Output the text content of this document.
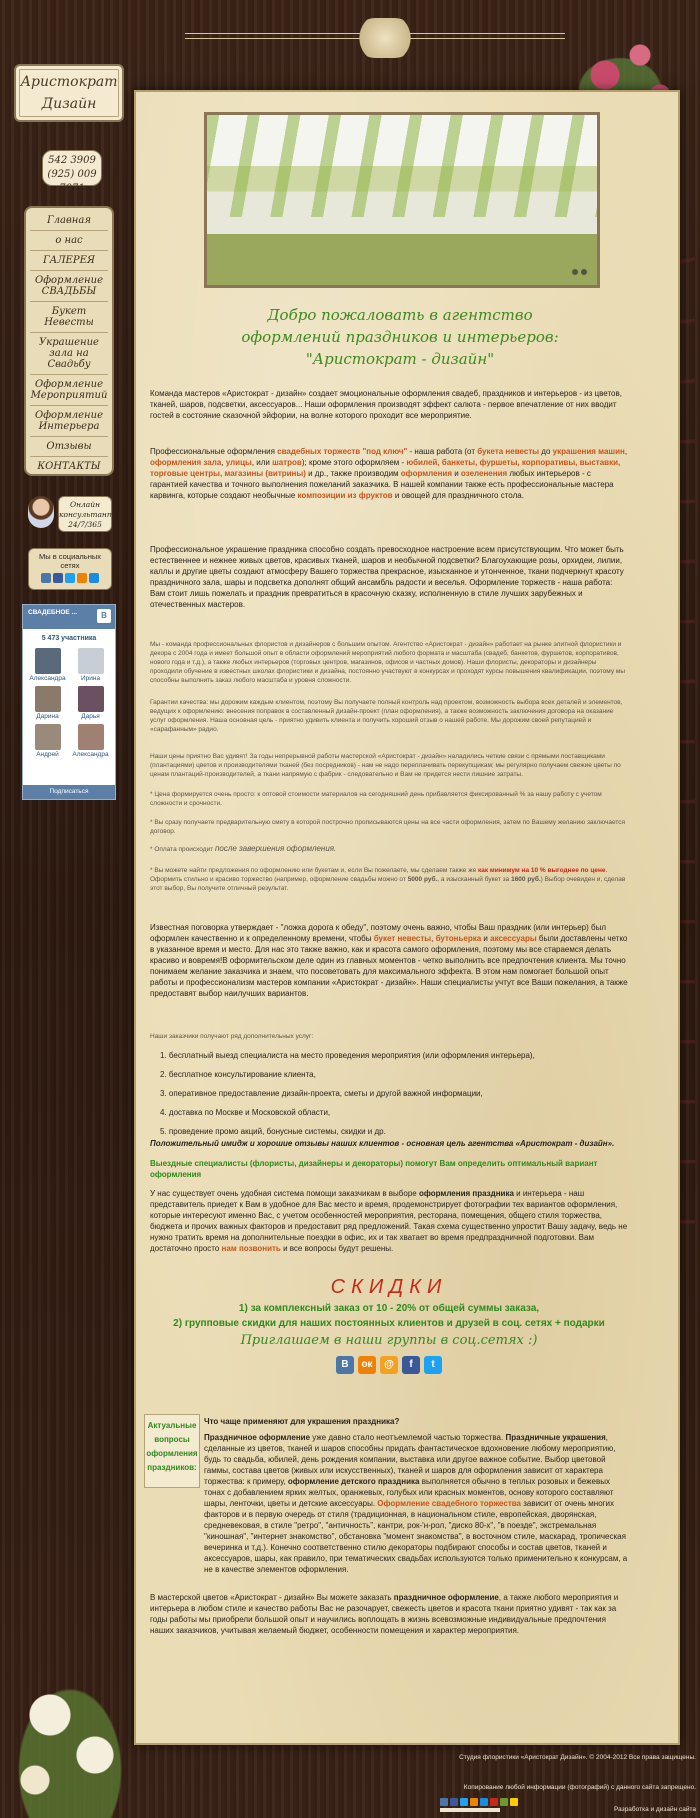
Аристократ
Дизайн
542 3909
(925) 009 7071
Главная
о нас
ГАЛЕРЕЯ
Оформление СВАДЬБЫ
Букет Невесты
Украшение зала на Свадьбу
Оформление Мероприятий
Оформление Интерьера
Отзывы
КОНТАКТЫ
Онлайн
консультант
24/7/365
Мы в социальных сетях
СВАДЕБНОЕ ...	B
5 473 участника
Александра	Ирина
Дарина	Дарья
Андрей	Александра
Подписаться
Добро пожаловать в агентство оформлений праздников и интерьеров: "Аристократ - дизайн"
Команда мастеров «Аристократ - дизайн» создает эмоциональные оформления свадеб, праздников и интерьеров - из цветов, тканей, шаров, подсветки, аксессуаров... Наши оформления производят эффект салюта - первое впечатление от них вводит гостей в состояние сказочной эйфории, на волне которого проходит все мероприятие.
Профессиональные оформления свадебных торжеств "под ключ" - наша работа (от букета невесты до украшения машин, оформления зала, улицы, или шатров); кроме этого оформляем - юбилей, банкеты, фуршеты, корпоративы, выставки, торговые центры, магазины (витрины) и др., также производим оформления и озеленения любых интерьеров - с гарантией качества и точного выполнения пожеланий заказчика. В нашей компании также есть профессиональные мастера карвинга, которые создают необычные композиции из фруктов и овощей для праздничного стола.
Профессиональное украшение праздника способно создать превосходное настроение всем присутствующим. Что может быть естественнее и нежнее живых цветов, красивых тканей, шаров и необычной подсветки? Благоухающие розы, орхидеи, лилии, каллы и другие цветы создают атмосферу Вашего торжества прекрасное, изысканное и утонченное, ткани подчеркнут красоту праздничного зала, шары и подсветка дополнят общий ансамбль радости и веселья. Оформление торжеств - наша работа: Вам стоит лишь пожелать и праздник превратиться в красочную сказку, исполненную в стиле лучших зарубежных и отечественных мастеров.
Мы - команда профессиональных флористов и дизайнеров с большим опытом. Агентство «Аристократ - дизайн» работает на рынке элитной флористики и декора с 2004 года и имеет большой опыт в области оформлений мероприятий любого формата и масштаба (свадеб, банкетов, фуршетов, корпоративов, нового года и т.д.), а также любых интерьеров (торговых центров, магазинов, офисов и частных домов). Наши флористы, декораторы и дизайнеры проходили обучение в известных школах флористики и дизайна, постоянно участвуют в конкурсах и проходят курсы повышения квалификации, поэтому мы способны выполнить заказ любого масштаба и уровня сложности.
Гарантии качества: мы дорожим каждым клиентом, поэтому Вы получаете полный контроль над проектом, возможность выбора всех деталей и элементов, ведущих к оформлению: внесения поправок в составленный дизайн-проект (план оформления), а также возможность заключения договора на оказание услуг оформления. Наша основная цель - приятно удивить клиента и получить хороший отзыв о нашей работе. Мы дорожим своей репутацией и «сарафанным» радио.
Наши цены приятно Вас удивят! За годы непрерывной работы мастерской «Аристократ - дизайн» наладились четкие связи с прямыми поставщиками (плантациями) цветов и производителями тканей (без посредников) - нам не надо переплачивать перекупщикам; мы регулярно получаем свежие цветы по ценам плантаций-производителей, а ткани напрямую с фабрик - следовательно и Вам не придется нести лишние затраты.
* Цена формируется очень просто: к оптовой стоимости материалов на сегодняшний день прибавляется фиксированный % за нашу работу с учетом сложности и срочности.
* Вы сразу получаете предварительную смету в которой построчно прописываются цены на все части оформления, затем по Вашему желанию заключается договор.
* Оплата происходит после завершения оформления.
* Вы можете найти предложения по оформлению или букетам и, если Вы пожелаете, мы сделаем также же как минимум на 10 % выгоднее по цене. Оформить стильно и красиво торжество (например, оформление свадьбы можно от 5000 руб., а изысканный букет за 1600 руб.) Выбор очевиден и, сделав этот выбор, Вы получите отличный результат.
Известная поговорка утверждает - "ложка дорога к обеду", поэтому очень важно, чтобы Ваш праздник (или интерьер) был оформлен качественно и к определенному времени, чтобы букет невесты, бутоньерка и аксессуары были доставлены четко в указанное время и место. Для нас это также важно, как и красота самого оформления, поэтому мы все стараемся делать красиво и вовремя!В оформительском деле один из главных моментов - четко выполнить все предпочтения клиента. Мы точно понимаем желание заказчика и знаем, что посоветовать для максимального эффекта. В этом нам помогает большой опыт работы и профессионализм мастеров компании «Аристократ - дизайн». Наши специалисты учтут все Ваши пожелания, а также предоставят выбор наилучших вариантов.
Наши заказчики получают ряд дополнительных услуг:
1. бесплатный выезд специалиста на место проведения мероприятия (или оформления интерьера),
2. бесплатное консультирование клиента,
3. оперативное предоставление дизайн-проекта, сметы и другой важной информации,
4. доставка по Москве и Московской области,
5. проведение промо акций, бонусные системы, скидки и др.
Положительный имидж и хорошие отзывы наших клиентов - основная цель агентства «Аристократ - дизайн».
Выездные специалисты (флористы, дизайнеры и декораторы) помогут Вам определить оптимальный вариант оформления
У нас существует очень удобная система помощи заказчикам в выборе оформления праздника и интерьера - наш представитель приедет к Вам в удобное для Вас место и время, продемонстрирует фотографии тех вариантов оформления, которые интересуют именно Вас, с учетом особенностей мероприятия, ресторана, помещения, общего стиля торжества, бюджета и прочих важных факторов и предоставит ряд предложений. Такая схема существенно упростит Вашу задачу, ведь не нужно тратить время на дополнительные поездки в офис, их и так хватает во время предпраздничной подготовки. Вам достаточно просто нам позвонить и все вопросы будут решены.
СКИДКИ
1) за комплексный заказ от 10 - 20% от общей суммы заказа,
2) групповые скидки для наших постоянных клиентов и друзей в соц. сетях + подарки
Приглашаем в наши группы в соц.сетях :)
B	ок	@	f	t
Актуальные вопросы оформления праздников:
Что чаще применяют для украшения праздника?
Праздничное оформление уже давно стало неотъемлемой частью торжества. Праздничные украшения, сделанные из цветов, тканей и шаров способны придать фантастическое вдохновение любому мероприятию, будь то свадьба, юбилей, день рождения компании, выставка или другое важное событие. Выбор цветовой гаммы, состава цветов (живых или искусственных), тканей и шаров для оформления зависит от характера торжества: к примеру, оформление детского праздника выполняется обычно в теплых розовых и бежевых тонах с добавлением ярких желтых, оранжевых, голубых или красных моментов, основу которого составляют шары, ленточки, цветы и детские аксессуары. Оформление свадебного торжества зависит от очень многих факторов и в первую очередь от стиля (традиционная, в национальном стиле, европейская, дворянская, средневековая, в стиле "ретро", "античность", кантри, рок-'н-рол, "диско 80-х", "в поезде", экстремальная "киношная", "интернет знакомство", обстановка "момент знакомства", в восточном стиле, маскарад, тропическая вечеринка и т.д.). Конечно соответственно стилю декораторы подбирают способы и состав цветов, тканей и аксессуаров, шары, как правило, при тематических свадьбах используются только применительно к конкурсам, а не в качестве элементов оформления.
В мастерской цветов «Аристократ - дизайн» Вы можете заказать праздничное оформление, а также любого мероприятия и интерьера в любом стиле и качество работы Вас не разочарует, свежесть цветов и красота ткани приятно удивят - так как за годы работы мы приобрели большой опыт и научились воплощать в жизнь всевозможные индивидуальные предпочтения наших заказчиков, учитывая желаемый бюджет, особенности помещения и характер мероприятия.
Студия флористики «Аристократ Дизайн». © 2004-2012 Все права защищены.
Копирование любой информации (фотографий) с данного сайта запрещено.
Разработка и дизайн сайта
